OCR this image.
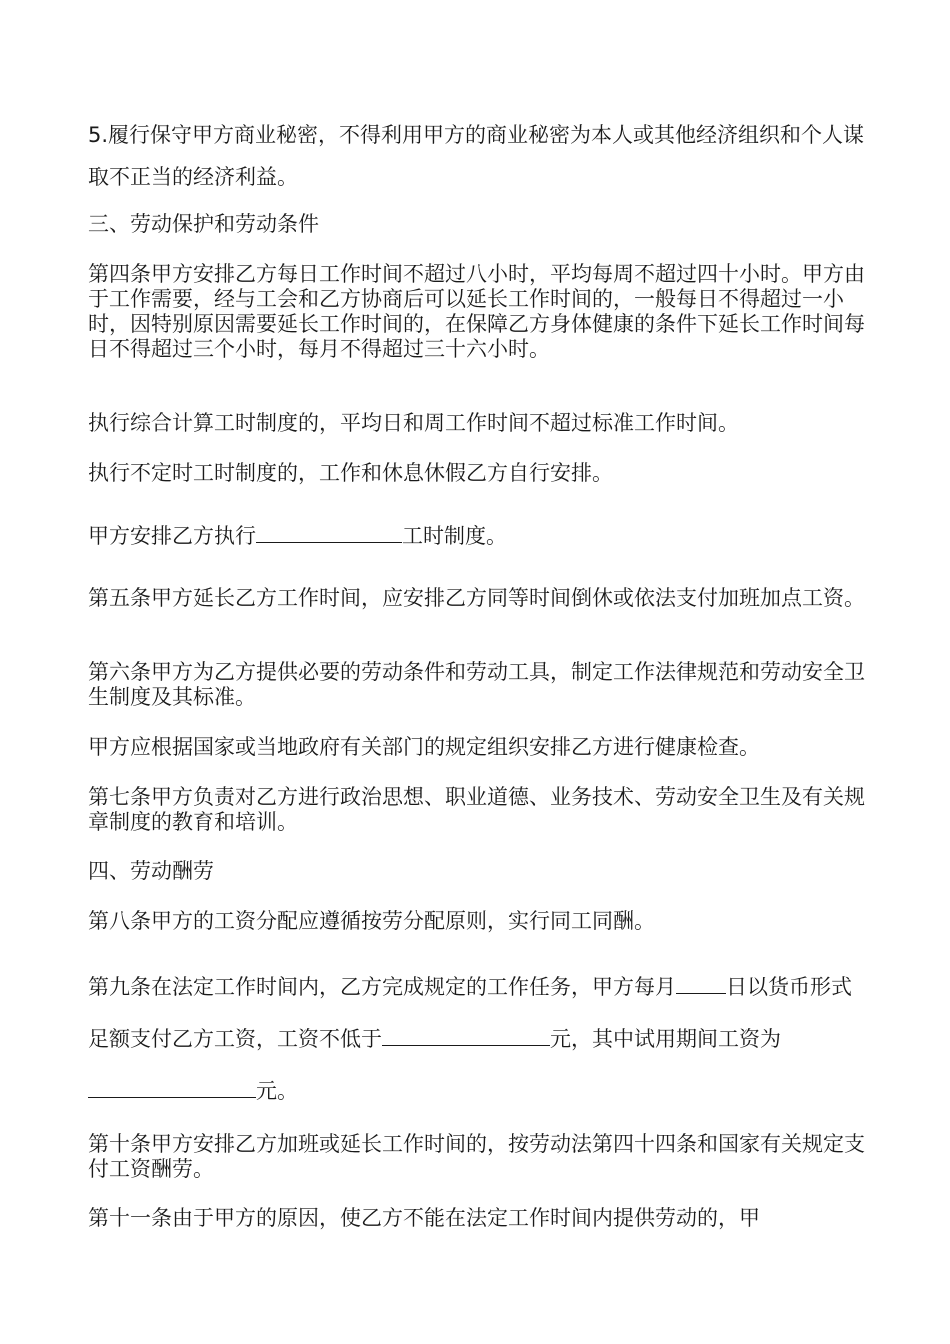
5.履行保守甲方商业秘密，不得利用甲方的商业秘密为本人或其他经济组织和个人谋取不正当的经济利益。

三、劳动保护和劳动条件

第四条甲方安排乙方每日工作时间不超过八小时，平均每周不超过四十小时。甲方由于工作需要，经与工会和乙方协商后可以延长工作时间的，一般每日不得超过一小时，因特别原因需要延长工作时间的，在保障乙方身体健康的条件下延长工作时间每日不得超过三个小时，每月不得超过三十六小时。

执行综合计算工时制度的，平均日和周工作时间不超过标准工作时间。

执行不定时工时制度的，工作和休息休假乙方自行安排。

甲方安排乙方执行	工时制度。

第五条甲方延长乙方工作时间，应安排乙方同等时间倒休或依法支付加班加点工资。

第六条甲方为乙方提供必要的劳动条件和劳动工具，制定工作法律规范和劳动安全卫生制度及其标准。

甲方应根据国家或当地政府有关部门的规定组织安排乙方进行健康检查。

第七条甲方负责对乙方进行政治思想、职业道德、业务技术、劳动安全卫生及有关规章制度的教育和培训。

四、劳动酬劳

第八条甲方的工资分配应遵循按劳分配原则，实行同工同酬。

第九条在法定工作时间内，乙方完成规定的工作任务，甲方每月 日以货币形式足额支付乙方工资，工资不低于	元，其中试用期间工资为元。

第十条甲方安排乙方加班或延长工作时间的，按劳动法第四十四条和国家有关规定支付工资酬劳。

第十一条由于甲方的原因，使乙方不能在法定工作时间内提供劳动的，甲
